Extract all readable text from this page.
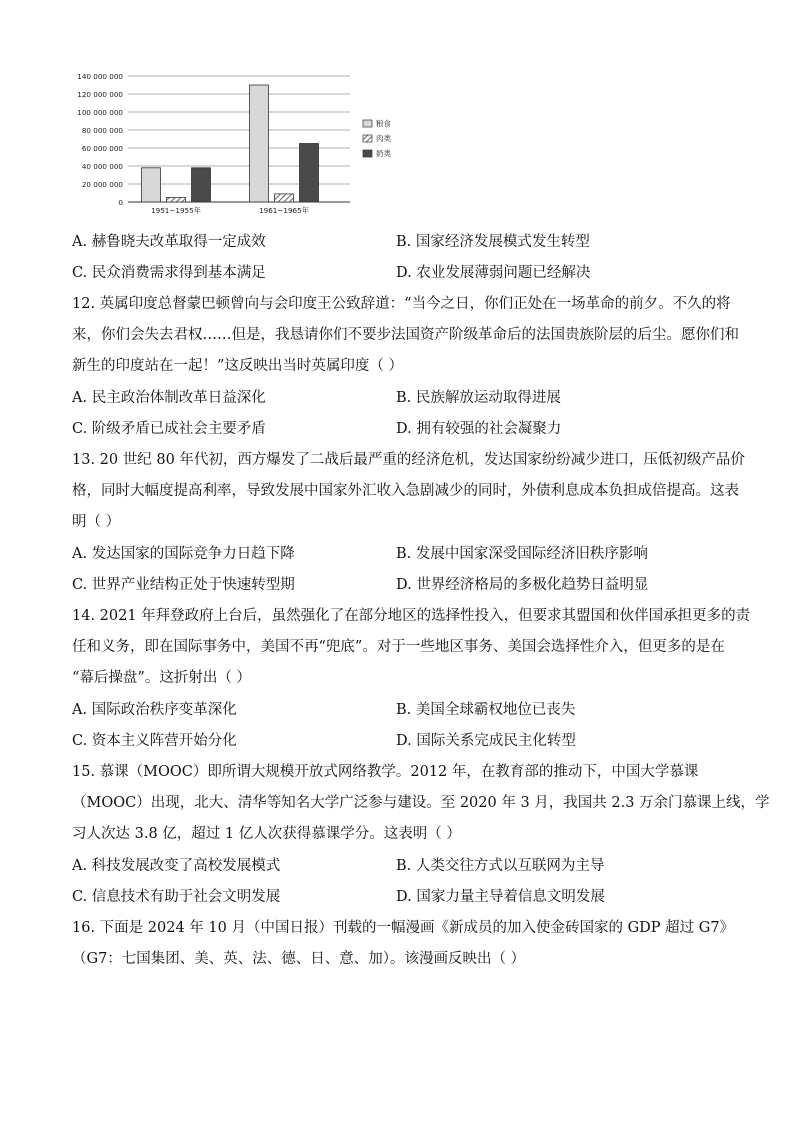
0
20 000 000
40 000 000
60 000 000
80 000 000
100 000 000
120 000 000
140 000 000
1951~1955年	1961~1965年
粮食
肉类
奶类
A. 赫鲁晓夫改革取得一定成效	B. 国家经济发展模式发生转型
C. 民众消费需求得到基本满足	D. 农业发展薄弱问题已经解决
12. 英属印度总督蒙巴顿曾向与会印度王公致辞道：“当今之日，你们正处在一场革命的前夕。不久的将
来，你们会失去君权……但是，我恳请你们不要步法国资产阶级革命后的法国贵族阶层的后尘。愿你们和
新生的印度站在一起！”这反映出当时英属印度（ ）
A. 民主政治体制改革日益深化	B. 民族解放运动取得进展
C. 阶级矛盾已成社会主要矛盾	D. 拥有较强的社会凝聚力
13. 20 世纪 80 年代初，西方爆发了二战后最严重的经济危机，发达国家纷纷减少进口，压低初级产品价
格，同时大幅度提高利率，导致发展中国家外汇收入急剧减少的同时，外债利息成本负担成倍提高。这表
明（ ）
A. 发达国家的国际竞争力日趋下降	B. 发展中国家深受国际经济旧秩序影响
C. 世界产业结构正处于快速转型期	D. 世界经济格局的多极化趋势日益明显
14. 2021 年拜登政府上台后，虽然强化了在部分地区的选择性投入，但要求其盟国和伙伴国承担更多的责
任和义务，即在国际事务中，美国不再“兜底”。对于一些地区事务、美国会选择性介入，但更多的是在
“幕后操盘”。这折射出（ ）
A. 国际政治秩序变革深化	B. 美国全球霸权地位已丧失
C. 资本主义阵营开始分化	D. 国际关系完成民主化转型
15. 慕课（MOOC）即所谓大规模开放式网络教学。2012 年，在教育部的推动下，中国大学慕课
（MOOC）出现，北大、清华等知名大学广泛参与建设。至 2020 年 3 月，我国共 2.3 万余门慕课上线，学
习人次达 3.8 亿，超过 1 亿人次获得慕课学分。这表明（ ）
A. 科技发展改变了高校发展模式	B. 人类交往方式以互联网为主导
C. 信息技术有助于社会文明发展	D. 国家力量主导着信息文明发展
16. 下面是 2024 年 10 月（中国日报）刊载的一幅漫画《新成员的加入使金砖国家的 GDP 超过 G7》
（G7：七国集团、美、英、法、德、日、意、加）。该漫画反映出（ ）
